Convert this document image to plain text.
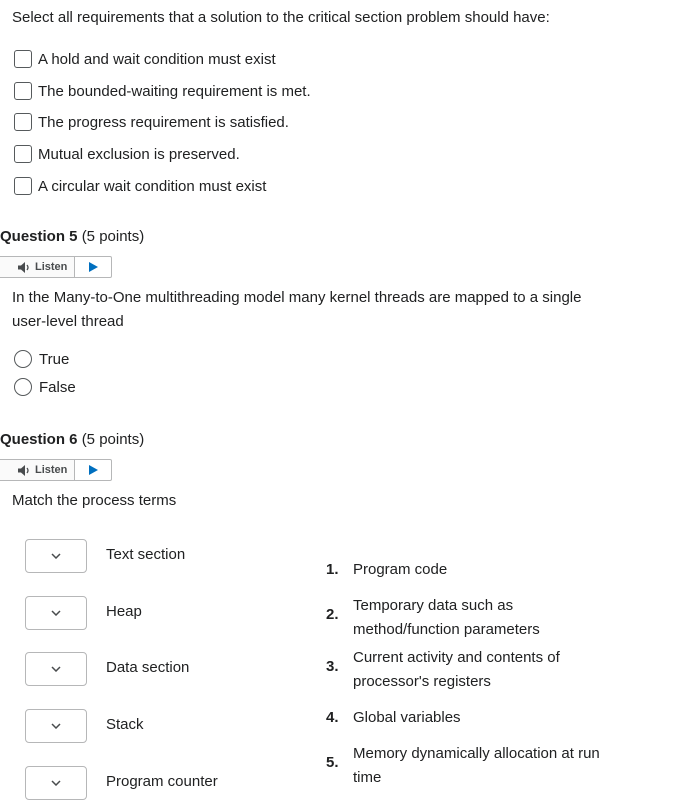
Select all requirements that a solution to the critical section problem should have:
A hold and wait condition must exist
The bounded-waiting requirement is met.
The progress requirement is satisfied.
Mutual exclusion is preserved.
A circular wait condition must exist
Question 5 (5 points)
Listen
In the Many-to-One multithreading model many kernel threads are mapped to a single user-level thread
True
False
Question 6 (5 points)
Listen
Match the process terms
Text section
Heap
Data section
Stack
Program counter
1. Program code
2.
Temporary data such as method/function parameters
3.
Current activity and contents of processor's registers
4. Global variables
5.
Memory dynamically allocation at run time
